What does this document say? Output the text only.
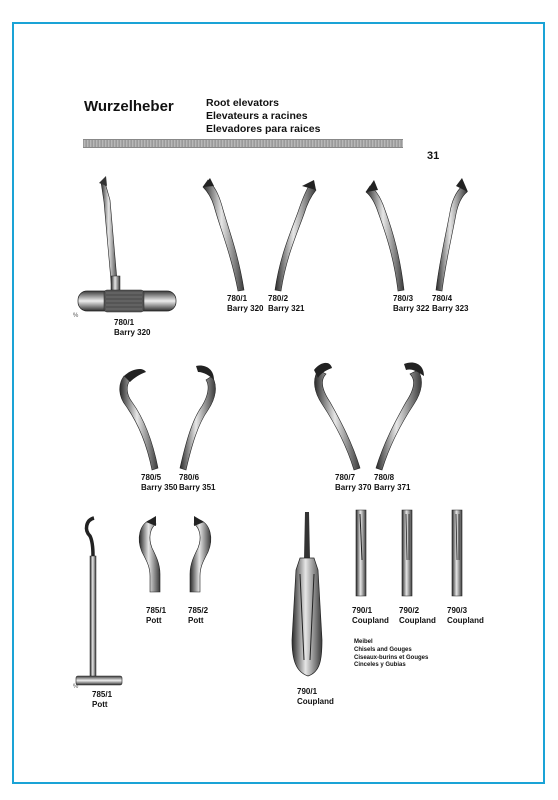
Wurzelheber	Root elevators
Elevateurs a racines
Elevadores para raices
31
%
%
780/1
Barry 320
780/1
Barry 320
780/2
Barry 321
780/3
Barry 322
780/4
Barry 323
780/5
Barry 350
780/6
Barry 351
780/7
Barry 370
780/8
Barry 371
785/1
Pott
785/1
Pott
785/2
Pott
790/1
Coupland
790/2
Coupland
790/3
Coupland
790/1
Coupland
Meibel
Chisels and Gouges
Ciseaux-burins et Gouges
Cinceles y Gubias
